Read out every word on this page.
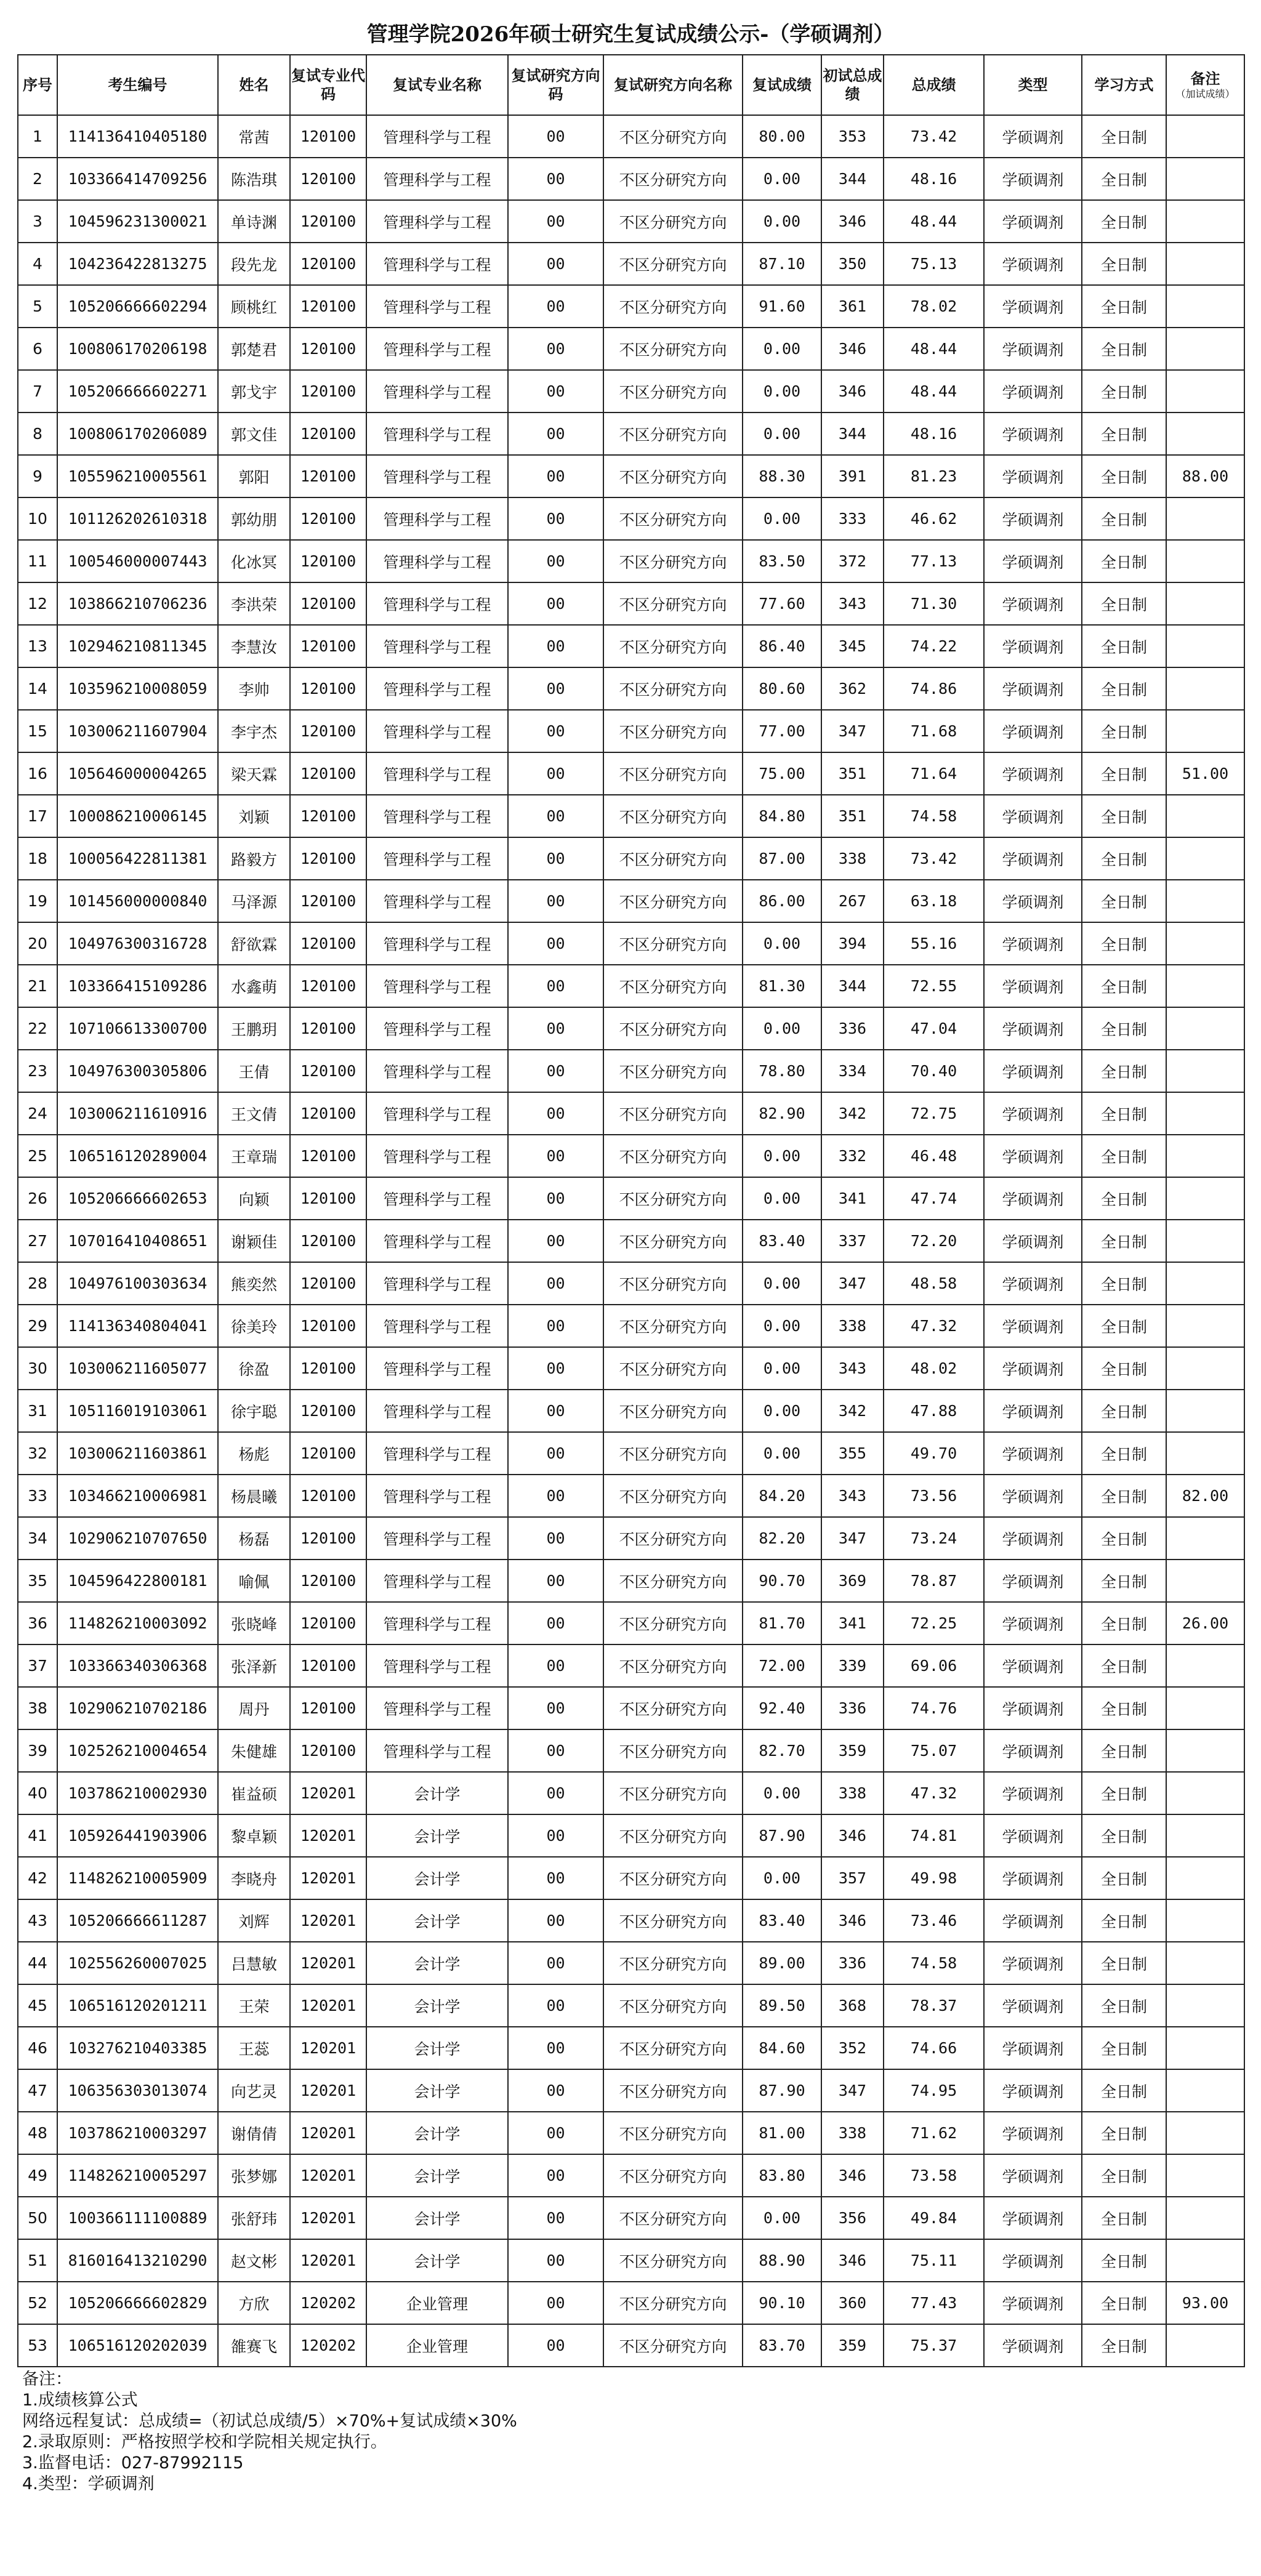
管理学院2026年硕士研究生复试成绩公示-（学硕调剂）
序号	考生编号	姓名	复试专业代码	复试专业名称	复试研究方向码	复试研究方向名称	复试成绩	初试总成绩	总成绩	类型	学习方式	备注
（加试成绩）

1	114136410405180	常茜	120100	管理科学与工程	00	不区分研究方向	80.00	353	73.42	学硕调剂	全日制	
2	103366414709256	陈浩琪	120100	管理科学与工程	00	不区分研究方向	0.00	344	48.16	学硕调剂	全日制	
3	104596231300021	单诗渊	120100	管理科学与工程	00	不区分研究方向	0.00	346	48.44	学硕调剂	全日制	
4	104236422813275	段先龙	120100	管理科学与工程	00	不区分研究方向	87.10	350	75.13	学硕调剂	全日制	
5	105206666602294	顾桃红	120100	管理科学与工程	00	不区分研究方向	91.60	361	78.02	学硕调剂	全日制	
6	100806170206198	郭楚君	120100	管理科学与工程	00	不区分研究方向	0.00	346	48.44	学硕调剂	全日制	
7	105206666602271	郭戈宇	120100	管理科学与工程	00	不区分研究方向	0.00	346	48.44	学硕调剂	全日制	
8	100806170206089	郭文佳	120100	管理科学与工程	00	不区分研究方向	0.00	344	48.16	学硕调剂	全日制	
9	105596210005561	郭阳	120100	管理科学与工程	00	不区分研究方向	88.30	391	81.23	学硕调剂	全日制	88.00
10	101126202610318	郭幼朋	120100	管理科学与工程	00	不区分研究方向	0.00	333	46.62	学硕调剂	全日制	
11	100546000007443	化冰冥	120100	管理科学与工程	00	不区分研究方向	83.50	372	77.13	学硕调剂	全日制	
12	103866210706236	李洪荣	120100	管理科学与工程	00	不区分研究方向	77.60	343	71.30	学硕调剂	全日制	
13	102946210811345	李慧汝	120100	管理科学与工程	00	不区分研究方向	86.40	345	74.22	学硕调剂	全日制	
14	103596210008059	李帅	120100	管理科学与工程	00	不区分研究方向	80.60	362	74.86	学硕调剂	全日制	
15	103006211607904	李宇杰	120100	管理科学与工程	00	不区分研究方向	77.00	347	71.68	学硕调剂	全日制	
16	105646000004265	梁天霖	120100	管理科学与工程	00	不区分研究方向	75.00	351	71.64	学硕调剂	全日制	51.00
17	100086210006145	刘颖	120100	管理科学与工程	00	不区分研究方向	84.80	351	74.58	学硕调剂	全日制	
18	100056422811381	路毅方	120100	管理科学与工程	00	不区分研究方向	87.00	338	73.42	学硕调剂	全日制	
19	101456000000840	马泽源	120100	管理科学与工程	00	不区分研究方向	86.00	267	63.18	学硕调剂	全日制	
20	104976300316728	舒欲霖	120100	管理科学与工程	00	不区分研究方向	0.00	394	55.16	学硕调剂	全日制	
21	103366415109286	水鑫萌	120100	管理科学与工程	00	不区分研究方向	81.30	344	72.55	学硕调剂	全日制	
22	107106613300700	王鹏玥	120100	管理科学与工程	00	不区分研究方向	0.00	336	47.04	学硕调剂	全日制	
23	104976300305806	王倩	120100	管理科学与工程	00	不区分研究方向	78.80	334	70.40	学硕调剂	全日制	
24	103006211610916	王文倩	120100	管理科学与工程	00	不区分研究方向	82.90	342	72.75	学硕调剂	全日制	
25	106516120289004	王章瑞	120100	管理科学与工程	00	不区分研究方向	0.00	332	46.48	学硕调剂	全日制	
26	105206666602653	向颖	120100	管理科学与工程	00	不区分研究方向	0.00	341	47.74	学硕调剂	全日制	
27	107016410408651	谢颖佳	120100	管理科学与工程	00	不区分研究方向	83.40	337	72.20	学硕调剂	全日制	
28	104976100303634	熊奕然	120100	管理科学与工程	00	不区分研究方向	0.00	347	48.58	学硕调剂	全日制	
29	114136340804041	徐美玲	120100	管理科学与工程	00	不区分研究方向	0.00	338	47.32	学硕调剂	全日制	
30	103006211605077	徐盈	120100	管理科学与工程	00	不区分研究方向	0.00	343	48.02	学硕调剂	全日制	
31	105116019103061	徐宇聪	120100	管理科学与工程	00	不区分研究方向	0.00	342	47.88	学硕调剂	全日制	
32	103006211603861	杨彪	120100	管理科学与工程	00	不区分研究方向	0.00	355	49.70	学硕调剂	全日制	
33	103466210006981	杨晨曦	120100	管理科学与工程	00	不区分研究方向	84.20	343	73.56	学硕调剂	全日制	82.00
34	102906210707650	杨磊	120100	管理科学与工程	00	不区分研究方向	82.20	347	73.24	学硕调剂	全日制	
35	104596422800181	喻佩	120100	管理科学与工程	00	不区分研究方向	90.70	369	78.87	学硕调剂	全日制	
36	114826210003092	张晓峰	120100	管理科学与工程	00	不区分研究方向	81.70	341	72.25	学硕调剂	全日制	26.00
37	103366340306368	张泽新	120100	管理科学与工程	00	不区分研究方向	72.00	339	69.06	学硕调剂	全日制	
38	102906210702186	周丹	120100	管理科学与工程	00	不区分研究方向	92.40	336	74.76	学硕调剂	全日制	
39	102526210004654	朱健雄	120100	管理科学与工程	00	不区分研究方向	82.70	359	75.07	学硕调剂	全日制	
40	103786210002930	崔益硕	120201	会计学	00	不区分研究方向	0.00	338	47.32	学硕调剂	全日制	
41	105926441903906	黎卓颖	120201	会计学	00	不区分研究方向	87.90	346	74.81	学硕调剂	全日制	
42	114826210005909	李晓舟	120201	会计学	00	不区分研究方向	0.00	357	49.98	学硕调剂	全日制	
43	105206666611287	刘辉	120201	会计学	00	不区分研究方向	83.40	346	73.46	学硕调剂	全日制	
44	102556260007025	吕慧敏	120201	会计学	00	不区分研究方向	89.00	336	74.58	学硕调剂	全日制	
45	106516120201211	王荣	120201	会计学	00	不区分研究方向	89.50	368	78.37	学硕调剂	全日制	
46	103276210403385	王蕊	120201	会计学	00	不区分研究方向	84.60	352	74.66	学硕调剂	全日制	
47	106356303013074	向艺灵	120201	会计学	00	不区分研究方向	87.90	347	74.95	学硕调剂	全日制	
48	103786210003297	谢倩倩	120201	会计学	00	不区分研究方向	81.00	338	71.62	学硕调剂	全日制	
49	114826210005297	张梦娜	120201	会计学	00	不区分研究方向	83.80	346	73.58	学硕调剂	全日制	
50	100366111100889	张舒玮	120201	会计学	00	不区分研究方向	0.00	356	49.84	学硕调剂	全日制	
51	816016413210290	赵文彬	120201	会计学	00	不区分研究方向	88.90	346	75.11	学硕调剂	全日制	
52	105206666602829	方欣	120202	企业管理	00	不区分研究方向	90.10	360	77.43	学硕调剂	全日制	93.00
53	106516120202039	雒赛飞	120202	企业管理	00	不区分研究方向	83.70	359	75.37	学硕调剂	全日制	
备注：
1.成绩核算公式
网络远程复试：总成绩=（初试总成绩/5）×70%+复试成绩×30%
2.录取原则：严格按照学校和学院相关规定执行。
3.监督电话：027-87992115
4.类型：学硕调剂
